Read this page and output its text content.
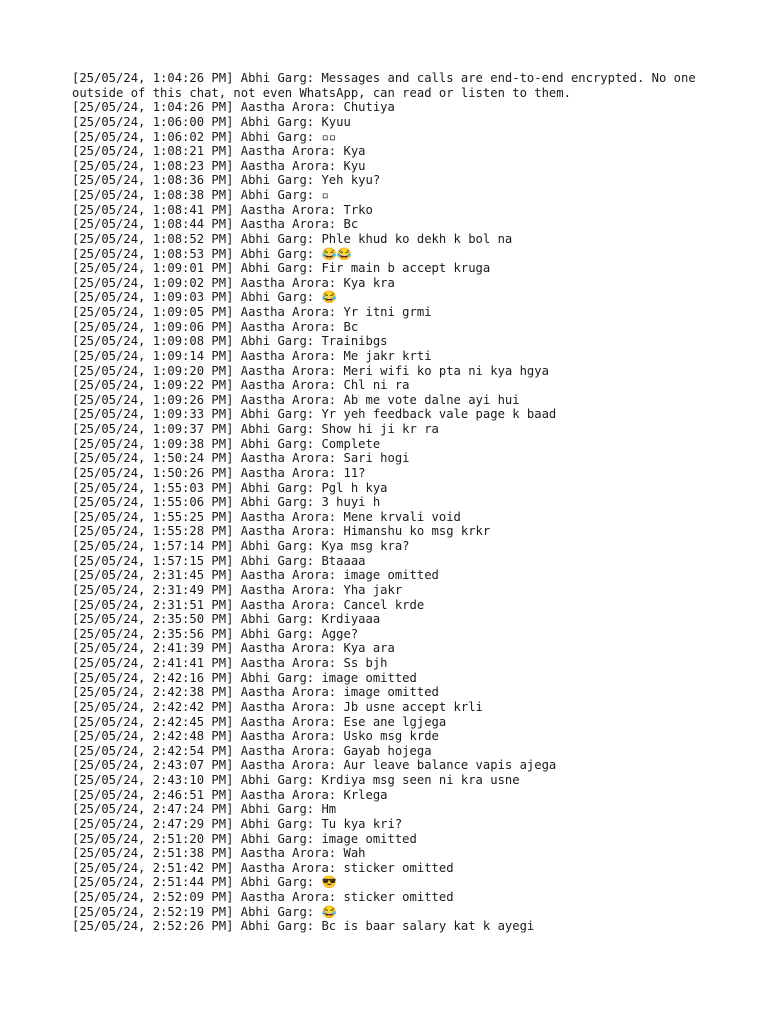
[25/05/24, 1:04:26 PM] Abhi Garg: Messages and calls are end-to-end encrypted. No one outside of this chat, not even WhatsApp, can read or listen to them.
[25/05/24, 1:04:26 PM] Aastha Arora: Chutiya
[25/05/24, 1:06:00 PM] Abhi Garg: Kyuu
[25/05/24, 1:06:02 PM] Abhi Garg: ▫▫
[25/05/24, 1:08:21 PM] Aastha Arora: Kya
[25/05/24, 1:08:23 PM] Aastha Arora: Kyu
[25/05/24, 1:08:36 PM] Abhi Garg: Yeh kyu?
[25/05/24, 1:08:38 PM] Abhi Garg: ▫
[25/05/24, 1:08:41 PM] Aastha Arora: Trko
[25/05/24, 1:08:44 PM] Aastha Arora: Bc
[25/05/24, 1:08:52 PM] Abhi Garg: Phle khud ko dekh k bol na
[25/05/24, 1:08:53 PM] Abhi Garg: 😂😂
[25/05/24, 1:09:01 PM] Abhi Garg: Fir main b accept kruga
[25/05/24, 1:09:02 PM] Aastha Arora: Kya kra
[25/05/24, 1:09:03 PM] Abhi Garg: 😂
[25/05/24, 1:09:05 PM] Aastha Arora: Yr itni grmi
[25/05/24, 1:09:06 PM] Aastha Arora: Bc
[25/05/24, 1:09:08 PM] Abhi Garg: Trainibgs
[25/05/24, 1:09:14 PM] Aastha Arora: Me jakr krti
[25/05/24, 1:09:20 PM] Aastha Arora: Meri wifi ko pta ni kya hgya
[25/05/24, 1:09:22 PM] Aastha Arora: Chl ni ra
[25/05/24, 1:09:26 PM] Aastha Arora: Ab me vote dalne ayi hui
[25/05/24, 1:09:33 PM] Abhi Garg: Yr yeh feedback vale page k baad
[25/05/24, 1:09:37 PM] Abhi Garg: Show hi ji kr ra
[25/05/24, 1:09:38 PM] Abhi Garg: Complete
[25/05/24, 1:50:24 PM] Aastha Arora: Sari hogi
[25/05/24, 1:50:26 PM] Aastha Arora: 11?
[25/05/24, 1:55:03 PM] Abhi Garg: Pgl h kya
[25/05/24, 1:55:06 PM] Abhi Garg: 3 huyi h
[25/05/24, 1:55:25 PM] Aastha Arora: Mene krvali void
[25/05/24, 1:55:28 PM] Aastha Arora: Himanshu ko msg krkr
[25/05/24, 1:57:14 PM] Abhi Garg: Kya msg kra?
[25/05/24, 1:57:15 PM] Abhi Garg: Btaaaa
[25/05/24, 2:31:45 PM] Aastha Arora: image omitted
[25/05/24, 2:31:49 PM] Aastha Arora: Yha jakr
[25/05/24, 2:31:51 PM] Aastha Arora: Cancel krde
[25/05/24, 2:35:50 PM] Abhi Garg: Krdiyaaa
[25/05/24, 2:35:56 PM] Abhi Garg: Agge?
[25/05/24, 2:41:39 PM] Aastha Arora: Kya ara
[25/05/24, 2:41:41 PM] Aastha Arora: Ss bjh
[25/05/24, 2:42:16 PM] Abhi Garg: image omitted
[25/05/24, 2:42:38 PM] Aastha Arora: image omitted
[25/05/24, 2:42:42 PM] Aastha Arora: Jb usne accept krli
[25/05/24, 2:42:45 PM] Aastha Arora: Ese ane lgjega
[25/05/24, 2:42:48 PM] Aastha Arora: Usko msg krde
[25/05/24, 2:42:54 PM] Aastha Arora: Gayab hojega
[25/05/24, 2:43:07 PM] Aastha Arora: Aur leave balance vapis ajega
[25/05/24, 2:43:10 PM] Abhi Garg: Krdiya msg seen ni kra usne
[25/05/24, 2:46:51 PM] Aastha Arora: Krlega
[25/05/24, 2:47:24 PM] Abhi Garg: Hm
[25/05/24, 2:47:29 PM] Abhi Garg: Tu kya kri?
[25/05/24, 2:51:20 PM] Abhi Garg: image omitted
[25/05/24, 2:51:38 PM] Aastha Arora: Wah
[25/05/24, 2:51:42 PM] Aastha Arora: sticker omitted
[25/05/24, 2:51:44 PM] Abhi Garg: 😎
[25/05/24, 2:52:09 PM] Aastha Arora: sticker omitted
[25/05/24, 2:52:19 PM] Abhi Garg: 😂
[25/05/24, 2:52:26 PM] Abhi Garg: Bc is baar salary kat k ayegi
